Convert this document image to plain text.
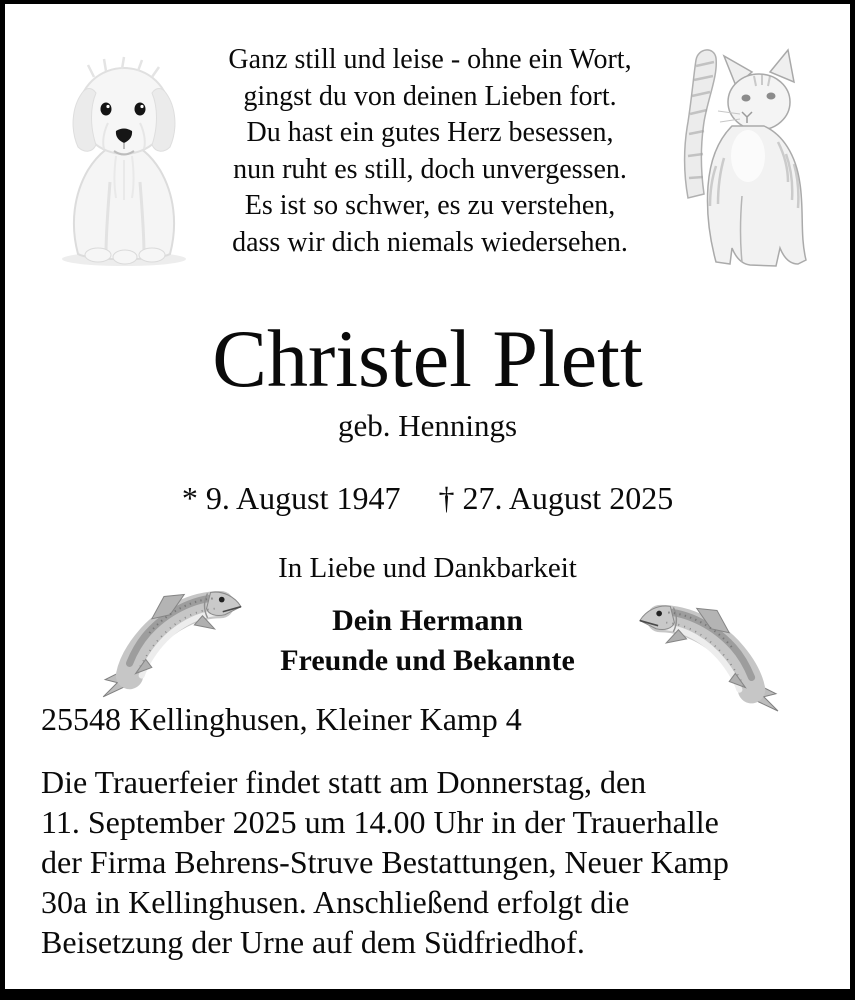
Ganz still und leise - ohne ein Wort,
gingst du von deinen Lieben fort.
Du hast ein gutes Herz besessen,
nun ruht es still, doch unvergessen.
Es ist so schwer, es zu verstehen,
dass wir dich niemals wiedersehen.
Christel Plett
geb. Hennings
* 9. August 1947 † 27. August 2025
In Liebe und Dankbarkeit
Dein Hermann
Freunde und Bekannte
25548 Kellinghusen, Kleiner Kamp 4
Die Trauerfeier findet statt am Donnerstag, den
11. September 2025 um 14.00 Uhr in der Trauerhalle
der Firma Behrens-Struve Bestattungen, Neuer Kamp
30a in Kellinghusen. Anschließend erfolgt die
Beisetzung der Urne auf dem Südfriedhof.
